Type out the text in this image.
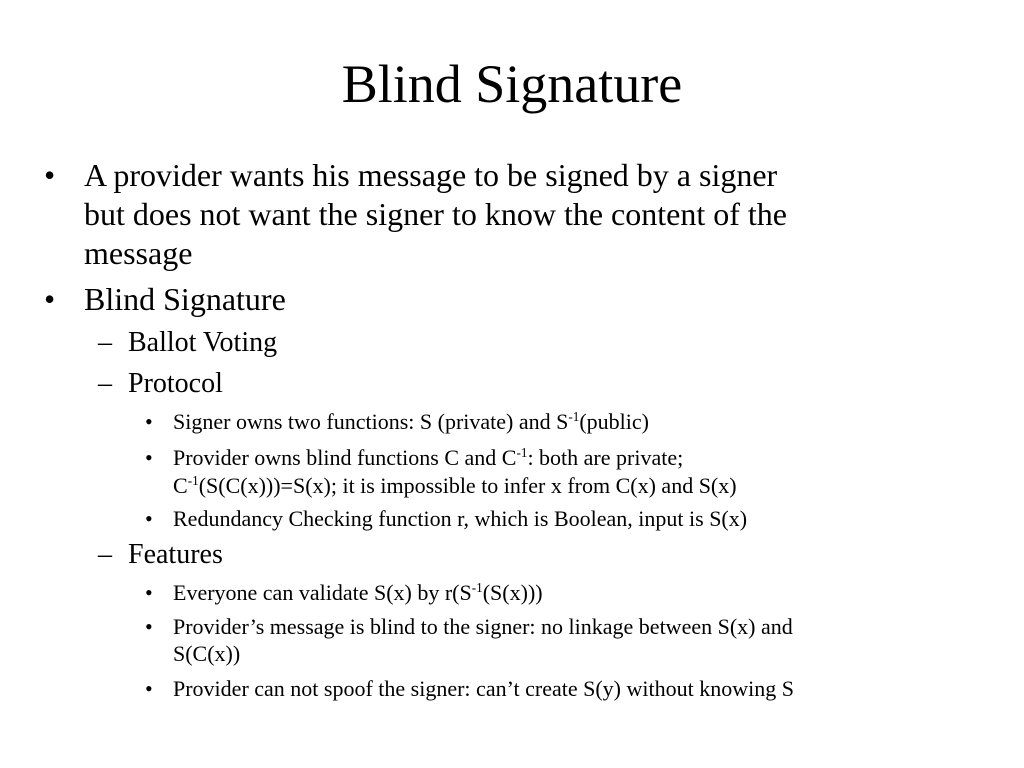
Blind Signature
• A provider wants his message to be signed by a signer
but does not want the signer to know the content of the
message
• Blind Signature
– Ballot Voting
– Protocol
• Signer owns two functions: S (private) and $S^{-1}(public)$
• Provider owns blind functions C and $C^{-1}$: both are private;
$C^{-1}(S(C(x)))=S(x)$; it is impossible to infer x from C(x) and S(x)
• Redundancy Checking function r, which is Boolean, input is S(x)
– Features
• Everyone can validate S(x) by $r(S^{-1}(S(x)))$
• Provider’s message is blind to the signer: no linkage between S(x) and
S(C(x))
• Provider can not spoof the signer: can’t create S(y) without knowing S
